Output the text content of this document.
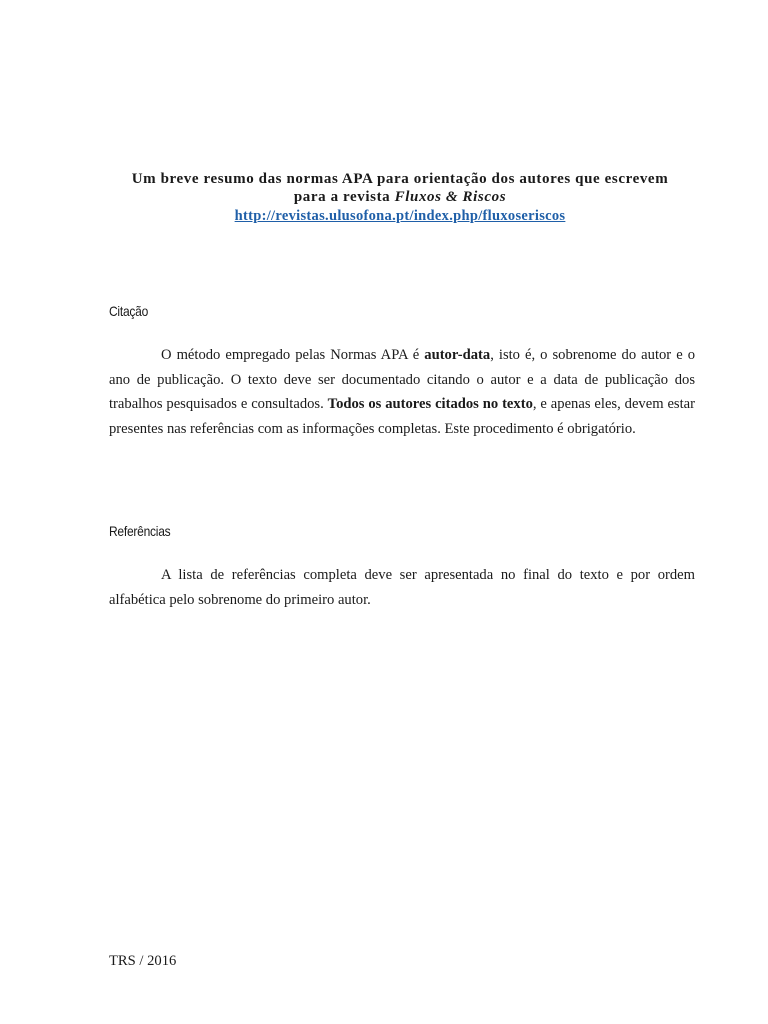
Um breve resumo das normas APA para orientação dos autores que escrevem
para a revista Fluxos & Riscos

http://revistas.ulusofona.pt/index.php/fluxoseriscos
Citação

O método empregado pelas Normas APA é autor-data, isto é, o sobrenome do autor e o ano de publicação. O texto deve ser documentado citando o autor e a data de publicação dos trabalhos pesquisados e consultados. Todos os autores citados no texto, e apenas eles, devem estar presentes nas referências com as informações completas. Este procedimento é obrigatório.

Referências

A lista de referências completa deve ser apresentada no final do texto e por ordem alfabética pelo sobrenome do primeiro autor.

TRS / 2016
